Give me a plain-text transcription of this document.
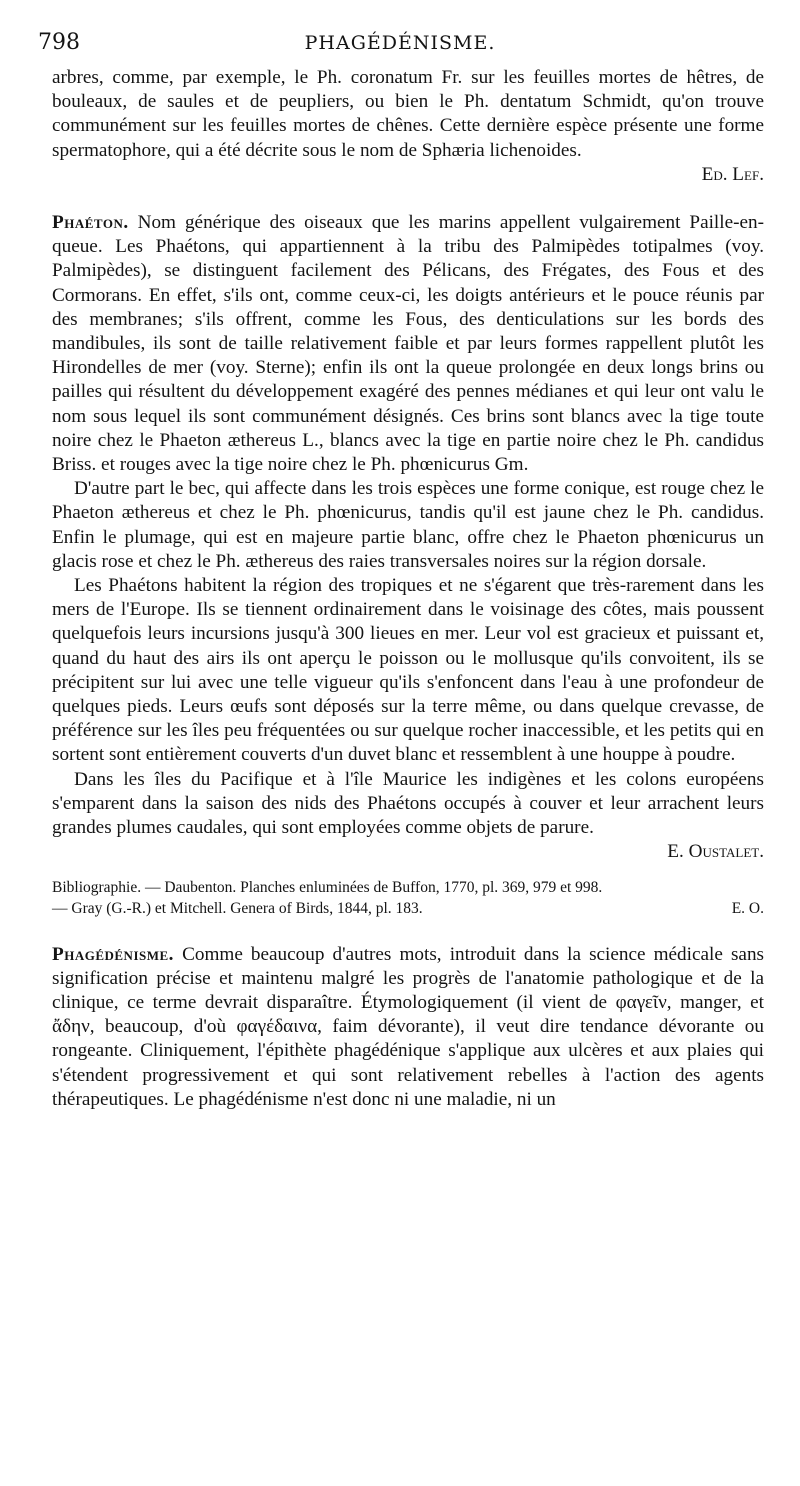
798	PHAGÉDÉNISME.

arbres, comme, par exemple, le Ph. coronatum Fr. sur les feuilles mortes de hêtres, de bouleaux, de saules et de peupliers, ou bien le Ph. dentatum Schmidt, qu'on trouve communément sur les feuilles mortes de chênes. Cette dernière espèce présente une forme spermatophore, qui a été décrite sous le nom de Sphæria lichenoides.
Ed. Lef.

Phaéton. Nom générique des oiseaux que les marins appellent vulgairement Paille-en-queue. Les Phaétons, qui appartiennent à la tribu des Palmipèdes totipalmes (voy. Palmipèdes), se distinguent facilement des Pélicans, des Frégates, des Fous et des Cormorans. En effet, s'ils ont, comme ceux-ci, les doigts antérieurs et le pouce réunis par des membranes; s'ils offrent, comme les Fous, des denticulations sur les bords des mandibules, ils sont de taille relativement faible et par leurs formes rappellent plutôt les Hirondelles de mer (voy. Sterne); enfin ils ont la queue prolongée en deux longs brins ou pailles qui résultent du développement exagéré des pennes médianes et qui leur ont valu le nom sous lequel ils sont communément désignés. Ces brins sont blancs avec la tige toute noire chez le Phaeton æthereus L., blancs avec la tige en partie noire chez le Ph. candidus Briss. et rouges avec la tige noire chez le Ph. phœnicurus Gm.

D'autre part le bec, qui affecte dans les trois espèces une forme conique, est rouge chez le Phaeton æthereus et chez le Ph. phœnicurus, tandis qu'il est jaune chez le Ph. candidus. Enfin le plumage, qui est en majeure partie blanc, offre chez le Phaeton phœnicurus un glacis rose et chez le Ph. æthereus des raies transversales noires sur la région dorsale.

Les Phaétons habitent la région des tropiques et ne s'égarent que très-rarement dans les mers de l'Europe. Ils se tiennent ordinairement dans le voisinage des côtes, mais poussent quelquefois leurs incursions jusqu'à 300 lieues en mer. Leur vol est gracieux et puissant et, quand du haut des airs ils ont aperçu le poisson ou le mollusque qu'ils convoitent, ils se précipitent sur lui avec une telle vigueur qu'ils s'enfoncent dans l'eau à une profondeur de quelques pieds. Leurs œufs sont déposés sur la terre même, ou dans quelque crevasse, de préférence sur les îles peu fréquentées ou sur quelque rocher inaccessible, et les petits qui en sortent sont entièrement couverts d'un duvet blanc et ressemblent à une houppe à poudre.

Dans les îles du Pacifique et à l'île Maurice les indigènes et les colons européens s'emparent dans la saison des nids des Phaétons occupés à couver et leur arrachent leurs grandes plumes caudales, qui sont employées comme objets de parure.
E. Oustalet.

Bibliographie. — Daubenton. Planches enluminées de Buffon, 1770, pl. 369, 979 et 998.
— Gray (G.-R.) et Mitchell. Genera of Birds, 1844, pl. 183.	E. O.

Phagédénisme. Comme beaucoup d'autres mots, introduit dans la science médicale sans signification précise et maintenu malgré les progrès de l'anatomie pathologique et de la clinique, ce terme devrait disparaître. Étymologiquement (il vient de φαγεῖν, manger, et ἄδην, beaucoup, d'où φαγέδαινα, faim dévorante), il veut dire tendance dévorante ou rongeante. Cliniquement, l'épithète phagédénique s'applique aux ulcères et aux plaies qui s'étendent progressivement et qui sont relativement rebelles à l'action des agents thérapeutiques. Le phagédénisme n'est donc ni une maladie, ni un
